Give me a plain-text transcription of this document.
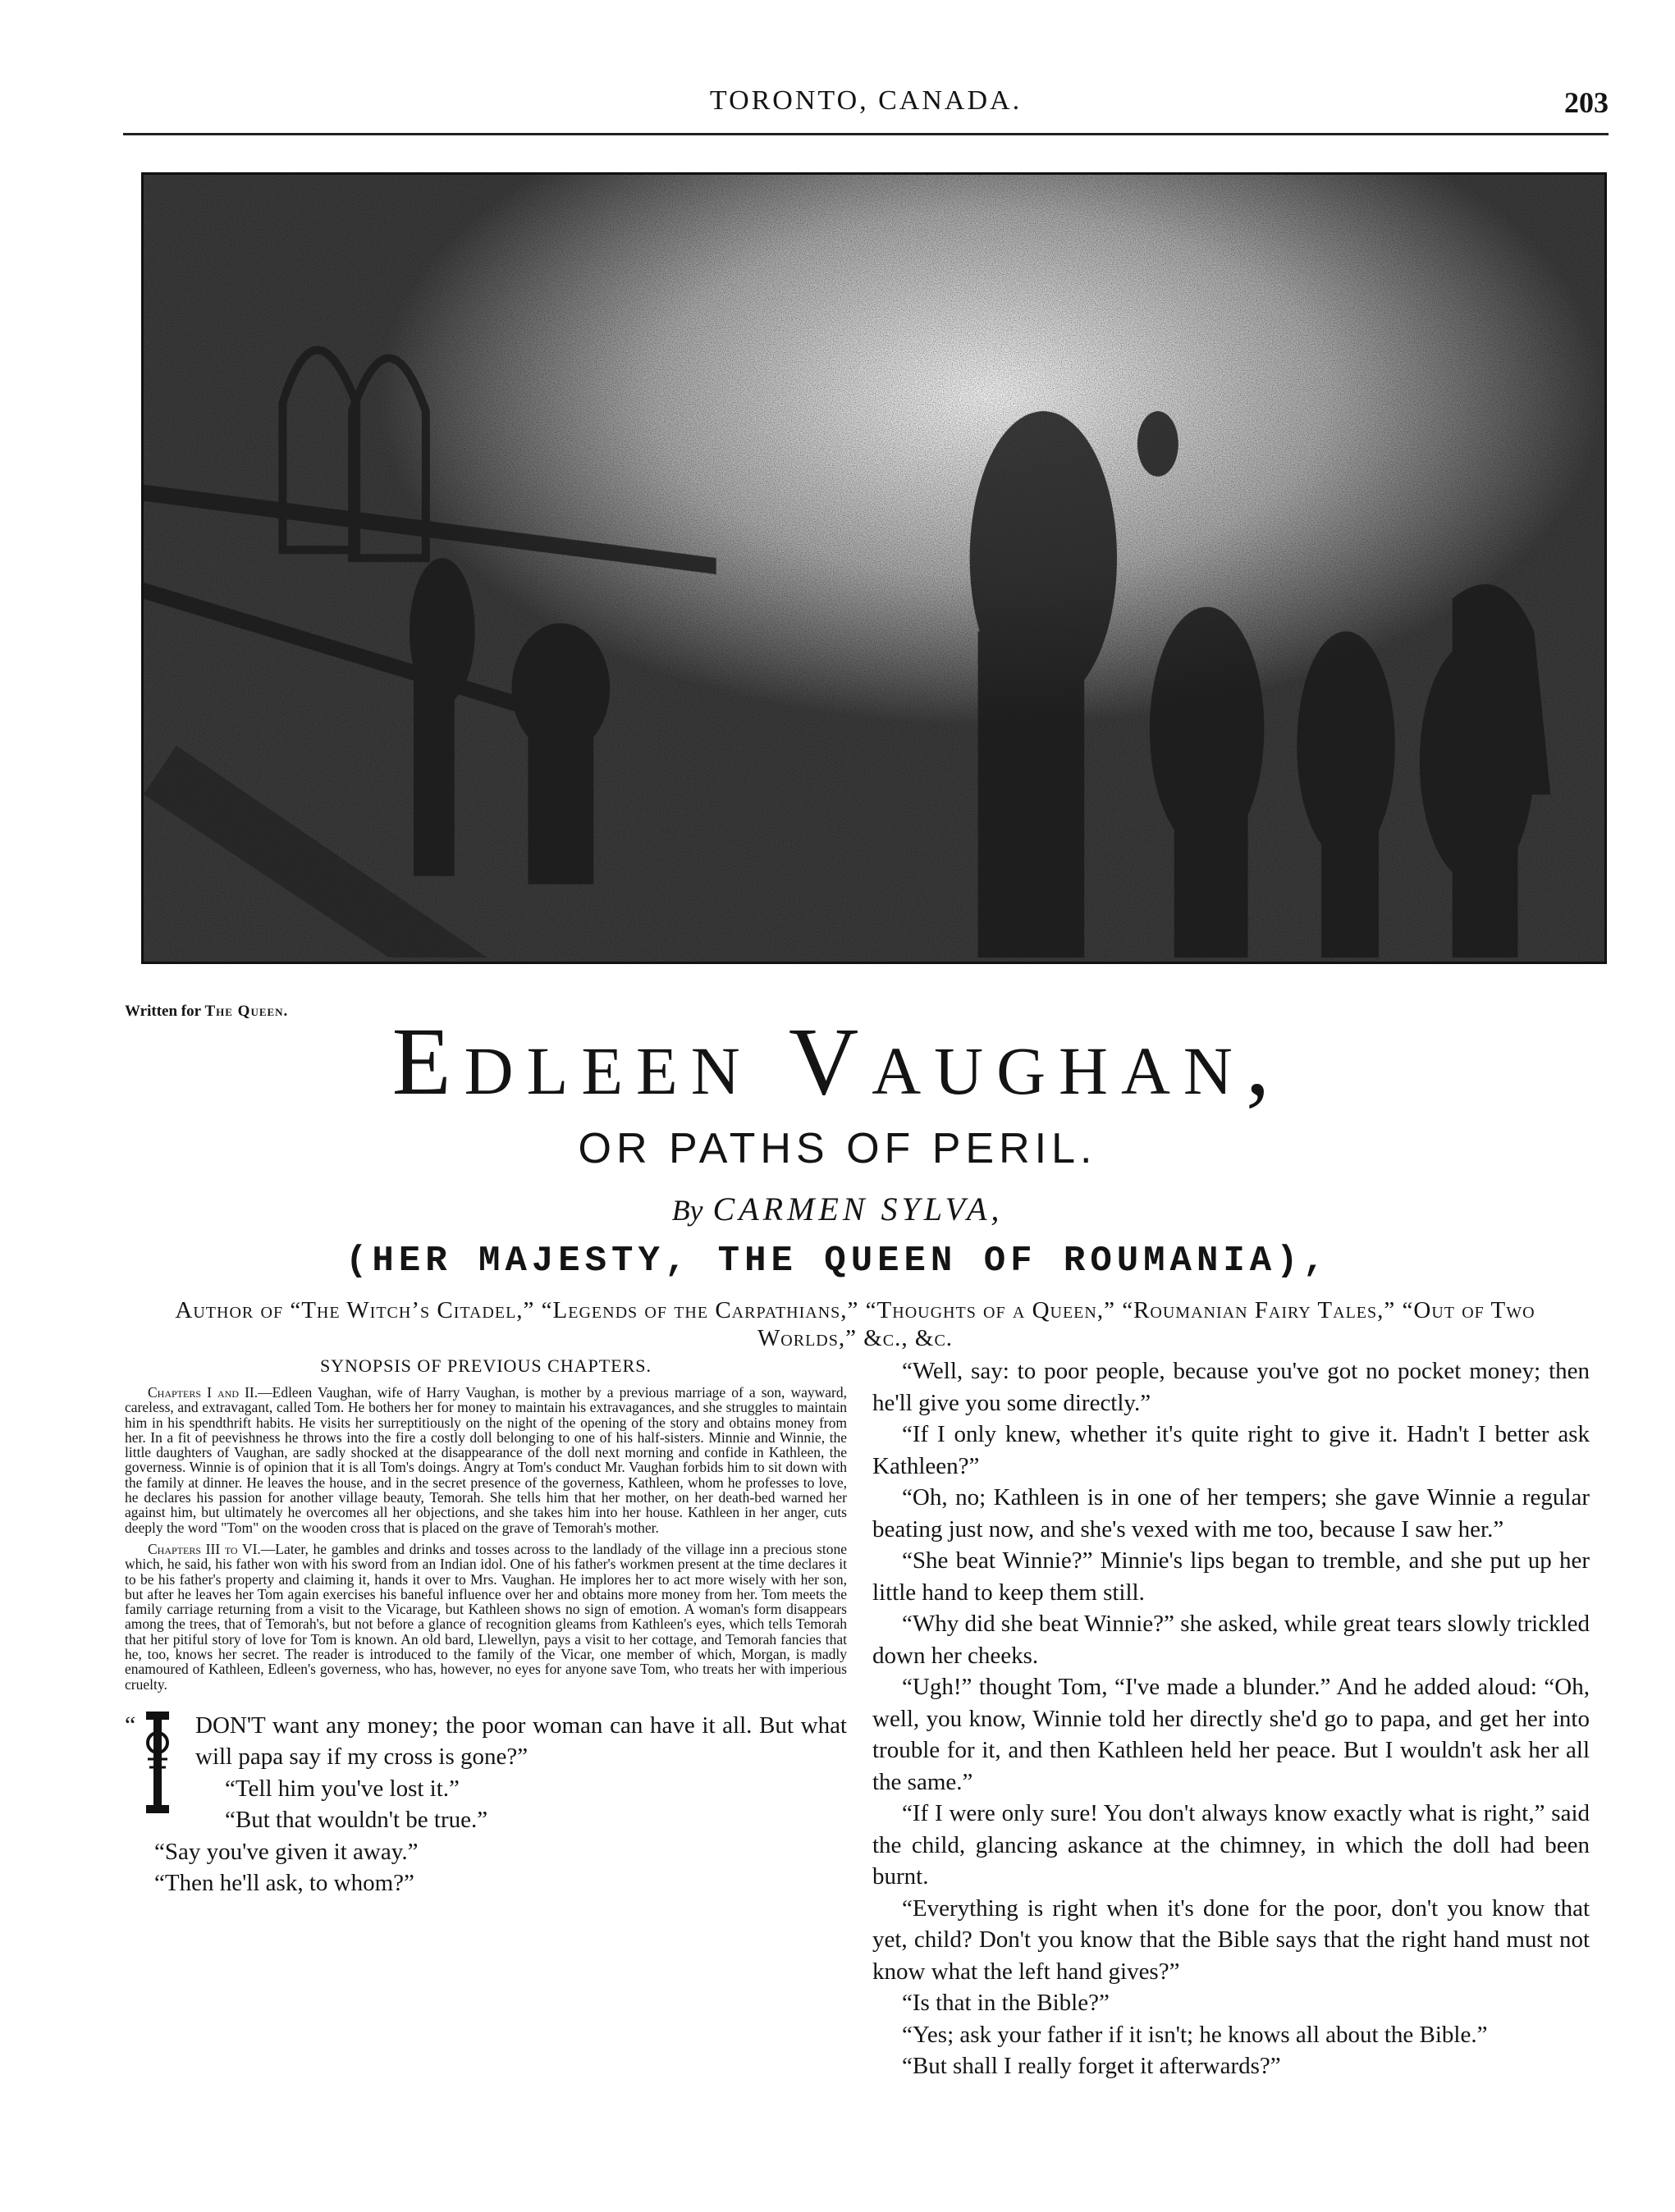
TORONTO, CANADA.	203
Written for The Queen.	Edleen Vaughan,
OR PATHS OF PERIL.
By CARMEN SYLVA,
(HER MAJESTY, THE QUEEN OF ROUMANIA),
Author of “The Witch’s Citadel,” “Legends of the Carpathians,” “Thoughts of a Queen,” “Roumanian Fairy Tales,” “Out of Two Worlds,” &c., &c.
SYNOPSIS OF PREVIOUS CHAPTERS.

Chapters I and II.—Edleen Vaughan, wife of Harry Vaughan, is mother by a previous marriage of a son, wayward, careless, and extravagant, called Tom. He bothers her for money to maintain his extravagances, and she struggles to maintain him in his spendthrift habits. He visits her surreptitiously on the night of the opening of the story and obtains money from her. In a fit of peevishness he throws into the fire a costly doll belonging to one of his half-sisters. Minnie and Winnie, the little daughters of Vaughan, are sadly shocked at the disappearance of the doll next morning and confide in Kathleen, the governess. Winnie is of opinion that it is all Tom's doings. Angry at Tom's conduct Mr. Vaughan forbids him to sit down with the family at dinner. He leaves the house, and in the secret presence of the governess, Kathleen, whom he professes to love, he declares his passion for another village beauty, Temorah. She tells him that her mother, on her death-bed warned her against him, but ultimately he overcomes all her objections, and she takes him into her house. Kathleen in her anger, cuts deeply the word "Tom" on the wooden cross that is placed on the grave of Temorah's mother.

Chapters III to VI.—Later, he gambles and drinks and tosses across to the landlady of the village inn a precious stone which, he said, his father won with his sword from an Indian idol. One of his father's workmen present at the time declares it to be his father's property and claiming it, hands it over to Mrs. Vaughan. He implores her to act more wisely with her son, but after he leaves her Tom again exercises his baneful influence over her and obtains more money from her. Tom meets the family carriage returning from a visit to the Vicarage, but Kathleen shows no sign of emotion. A woman's form disappears among the trees, that of Temorah's, but not before a glance of recognition gleams from Kathleen's eyes, which tells Temorah that her pitiful story of love for Tom is known. An old bard, Llewellyn, pays a visit to her cottage, and Temorah fancies that he, too, knows her secret. The reader is introduced to the family of the Vicar, one member of which, Morgan, is madly enamoured of Kathleen, Edleen's governess, who has, however, no eyes for anyone save Tom, who treats her with imperious cruelty.

“	DON'T want any money; the poor woman can have it all. But what will papa say if my cross is gone?”

“Tell him you've lost it.”

“But that wouldn't be true.”

“Say you've given it away.”

“Then he'll ask, to whom?”

“Well, say: to poor people, because you've got no pocket money; then he'll give you some directly.”

“If I only knew, whether it's quite right to give it. Hadn't I better ask Kathleen?”

“Oh, no; Kathleen is in one of her tempers; she gave Winnie a regular beating just now, and she's vexed with me too, because I saw her.”

“She beat Winnie?” Minnie's lips began to tremble, and she put up her little hand to keep them still.

“Why did she beat Winnie?” she asked, while great tears slowly trickled down her cheeks.

“Ugh!” thought Tom, “I've made a blunder.” And he added aloud: “Oh, well, you know, Winnie told her directly she'd go to papa, and get her into trouble for it, and then Kathleen held her peace. But I wouldn't ask her all the same.”

“If I were only sure! You don't always know exactly what is right,” said the child, glancing askance at the chimney, in which the doll had been burnt.

“Everything is right when it's done for the poor, don't you know that yet, child? Don't you know that the Bible says that the right hand must not know what the left hand gives?”

“Is that in the Bible?”

“Yes; ask your father if it isn't; he knows all about the Bible.”

“But shall I really forget it afterwards?”
